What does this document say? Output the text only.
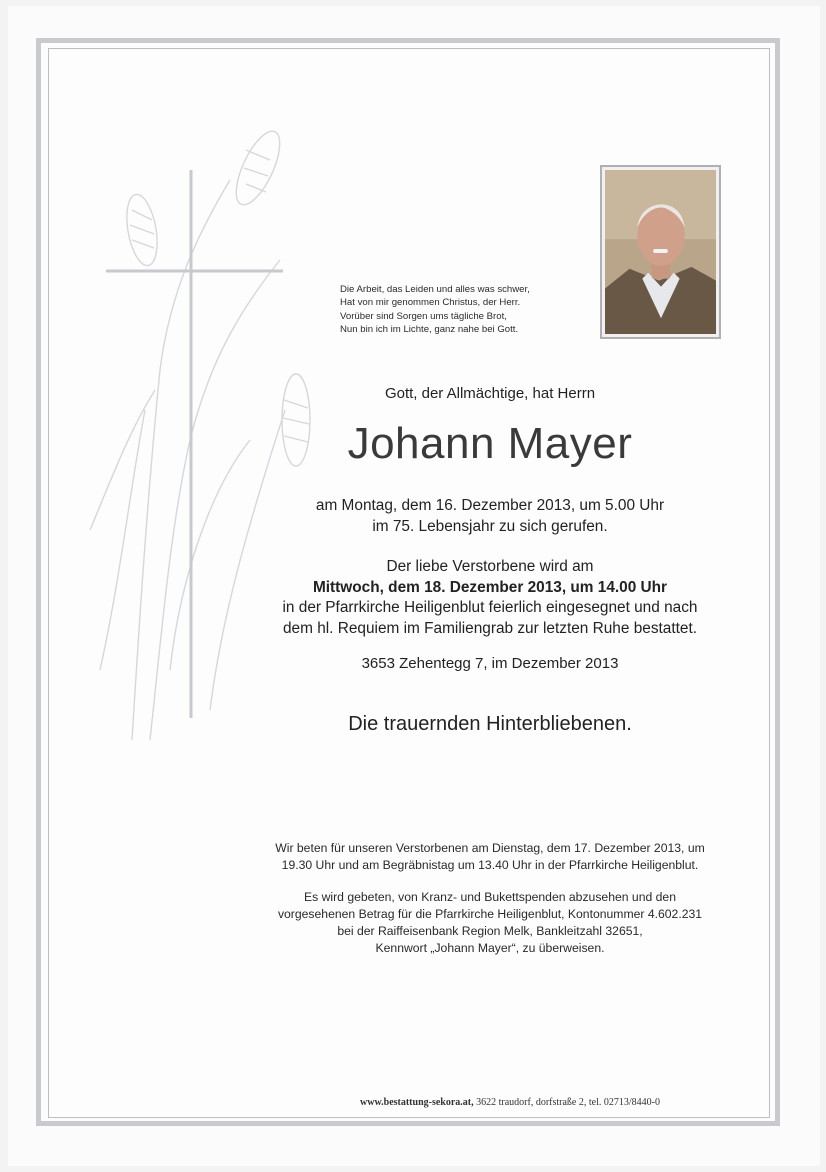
Die Arbeit, das Leiden und alles was schwer,
Hat von mir genommen Christus, der Herr.
Vorüber sind Sorgen ums tägliche Brot,
Nun bin ich im Lichte, ganz nahe bei Gott.
Gott, der Allmächtige, hat Herrn
Johann Mayer
am Montag, dem 16. Dezember 2013, um 5.00 Uhr
im 75. Lebensjahr zu sich gerufen.
Der liebe Verstorbene wird am
Mittwoch, dem 18. Dezember 2013, um 14.00 Uhr
in der Pfarrkirche Heiligenblut feierlich eingesegnet und nach
dem hl. Requiem im Familiengrab zur letzten Ruhe bestattet.
3653 Zehentegg 7, im Dezember 2013
Die trauernden Hinterbliebenen.
Wir beten für unseren Verstorbenen am Dienstag, dem 17. Dezember 2013, um
19.30 Uhr und am Begräbnistag um 13.40 Uhr in der Pfarrkirche Heiligenblut.
Es wird gebeten, von Kranz- und Bukettspenden abzusehen und den
vorgesehenen Betrag für die Pfarrkirche Heiligenblut, Kontonummer 4.602.231
bei der Raiffeisenbank Region Melk, Bankleitzahl 32651,
Kennwort „Johann Mayer“, zu überweisen.
www.bestattung-sekora.at, 3622 traudorf, dorfstraße 2, tel. 02713/8440-0
